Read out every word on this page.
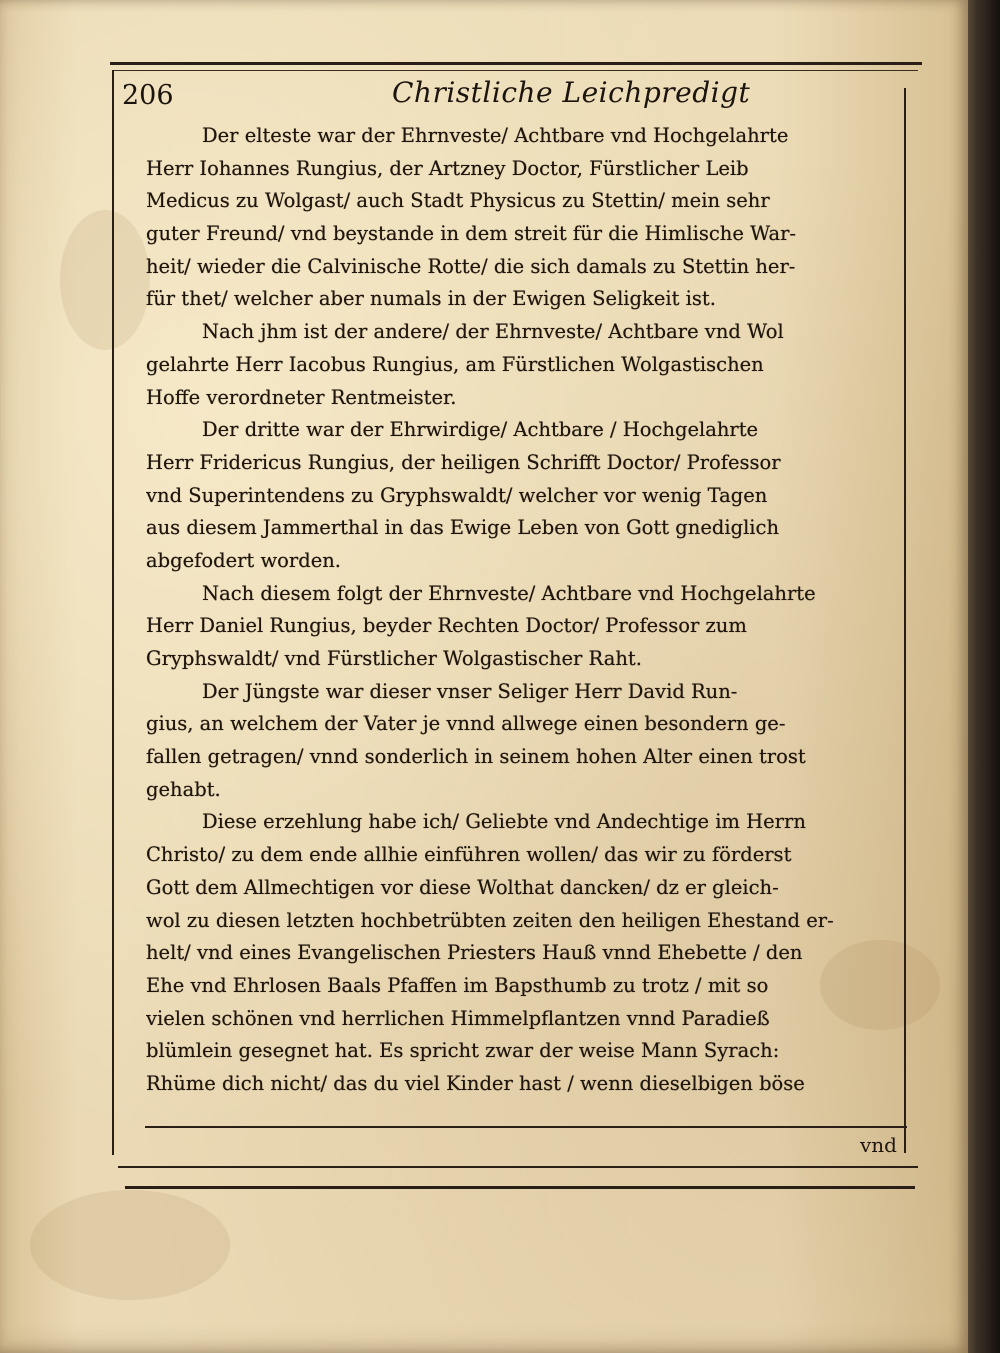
206	Christliche Leichpredigt
Der elteste war der Ehrnveste/ Achtbare vnd Hochgelahrte
Herr Iohannes Rungius, der Artzney Doctor, Fürstlicher Leib
Medicus zu Wolgast/ auch Stadt Physicus zu Stettin/ mein sehr
guter Freund/ vnd beystande in dem streit für die Himlische War-
heit/ wieder die Calvinische Rotte/ die sich damals zu Stettin her-
für thet/ welcher aber numals in der Ewigen Seligkeit ist.
Nach jhm ist der andere/ der Ehrnveste/ Achtbare vnd Wol
gelahrte Herr Iacobus Rungius, am Fürstlichen Wolgastischen
Hoffe verordneter Rentmeister.
Der dritte war der Ehrwirdige/ Achtbare / Hochgelahrte
Herr Fridericus Rungius, der heiligen Schrifft Doctor/ Professor
vnd Superintendens zu Gryphswaldt/ welcher vor wenig Tagen
aus diesem Jammerthal in das Ewige Leben von Gott gnediglich
abgefodert worden.
Nach diesem folgt der Ehrnveste/ Achtbare vnd Hochgelahrte
Herr Daniel Rungius, beyder Rechten Doctor/ Professor zum
Gryphswaldt/ vnd Fürstlicher Wolgastischer Raht.
Der Jüngste war dieser vnser Seliger Herr David Run-
gius, an welchem der Vater je vnnd allwege einen besondern ge-
fallen getragen/ vnnd sonderlich in seinem hohen Alter einen trost
gehabt.
Diese erzehlung habe ich/ Geliebte vnd Andechtige im Herrn
Christo/ zu dem ende allhie einführen wollen/ das wir zu förderst
Gott dem Allmechtigen vor diese Wolthat dancken/ dz er gleich-
wol zu diesen letzten hochbetrübten zeiten den heiligen Ehestand er-
helt/ vnd eines Evangelischen Priesters Hauß vnnd Ehebette / den
Ehe vnd Ehrlosen Baals Pfaffen im Bapsthumb zu trotz / mit so
vielen schönen vnd herrlichen Himmelpflantzen vnnd Paradieß
blümlein gesegnet hat. Es spricht zwar der weise Mann Syrach:
Rhüme dich nicht/ das du viel Kinder hast / wenn dieselbigen böse
vnd
